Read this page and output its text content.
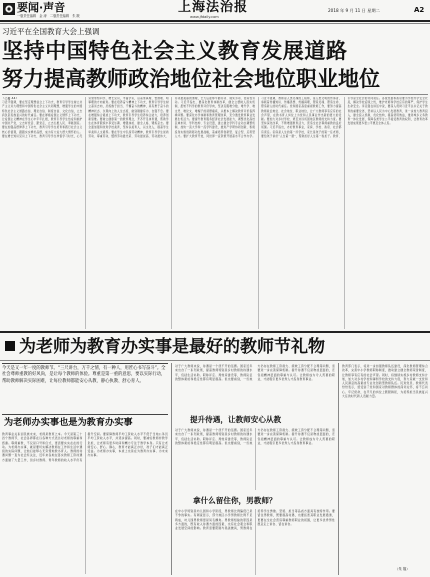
要闻·声音
一版责任编辑　金 涛　二版责任编辑　朱 戡
上海法治报
www.jfdaily.com
2018 年 9 月 11 日 星期二	A2
习近平在全国教育大会上强调
坚持中国特色社会主义教育发展道路
努力提高教师政治地位社会地位职业地位

（上接 A1）

习近平强调，要在坚定理想信念上下功夫，教育引导学生树立共产主义远大理想和中国特色社会主义共同理想，增强学生的中国特色社会主义道路自信、理论自信、制度自信、文化自信，立志肩负起民族复兴的时代重任。要在厚植爱国主义情怀上下功夫，让爱国主义精神在学生心中牢牢扎根，教育引导学生热爱和拥护中国共产党，立志听党话、跟党走，立志扎根人民、奉献国家。要在加强品德修养上下功夫，教育引导学生培育和践行社会主义核心价值观，踏踏实实修好品德，成为有大爱大德大情怀的人。要在增长知识见识上下功夫，教育引导学生珍惜学习时光，心无旁骛求知问学，增长见识，丰富学识，沿着求真理、悟道理、明事理的方向前进。要在培养奋斗精神上下功夫，教育引导学生树立高远志向，历练敢于担当、不懈奋斗的精神，具有勇于奋斗的精神状态、乐观向上的人生态度，做到刚健有为、自强不息。要在增强综合素质上下功夫，教育引导学生培养综合能力，培养创新思维。要树立健康第一的教育理念，开齐开足体育课，帮助学生在体育锻炼中享受乐趣、增强体质、健全人格、锤炼意志。要全面加强和改进学校美育，坚持以美育人、以文化人，提高学生审美和人文素养。要在学生中弘扬劳动精神，教育引导学生崇尚劳动、尊重劳动，懂得劳动最光荣、劳动最崇高、劳动最伟大、劳动最美丽的道理，长大后能够辛勤劳动、诚实劳动、创造性劳动。习近平指出，要深化教育体制改革，健全立德树人落实机制，扭转不科学的教育评价导向，坚决克服唯分数、唯升学、唯文凭、唯论文、唯帽子的顽瘴痼疾，从根本上解决教育评价指挥棒问题。要深化办学体制和教育管理改革，充分激发教育事业发展生机活力。要提升教育服务经济社会发展能力，调整优化高校区域布局、学科结构、专业设置，建立健全学科专业动态调整机制，加快一流大学和一流学科建设，推进产学研协同创新，积极投身实施创新驱动发展战略，着重培养创新型、复合型、应用型人才。要扩大教育开放，同世界一流资源开展高水平合作办学。习近平强调，教师是人类灵魂的工程师，是人类文明的传承者，承载着传播知识、传播思想、传播真理，塑造灵魂、塑造生命、塑造新人的时代重任。党和国家高度重视教师工作，要努力提高教师政治地位、社会地位、职业地位，让广大教师享有应有的社会声望，在教书育人岗位上为党和人民事业作出新的更大的贡献。要加大对乡村学校、艰苦边远贫困地区教师的支持力度。要坚持深化改革，不断增强教育活力，营造全社会尊师重教的良好氛围。习近平指出，办好教育事业，家庭、学校、政府、社会都有责任。家庭是人生的第一所学校，家长是孩子的第一任老师，要给孩子讲好“人生第一课”，帮助扣好人生第一粒扣子。教育、引导是全社会的共同责任。各级党委和政府要为学校办学安全托底，解决学校后顾之忧，维护老师和学校应有的尊严，保护学生生命安全。李克强在讲话中说，要深入贯彻习近平总书记关于教育的重要论述，坚持以人民为中心发展教育，进一步加大教育投入，健全投入机制，优化结构，提高使用效益，推进城乡义务教育一体化发展，保障各类学生公平接受教育的权利，让教育改革发展成果更多更公平惠及全体人民。

为老师为教育办实事是最好的教师节礼物
今天是又一年一度的教师节。“三尺讲台，万千之情，有一种人，用匠心书写奋斗”。全社会尊师重教的好风尚，是让每个教师的体验。尊重是第一重的意思，要以实际行动，帮助教师解决实际困难，让每位教师都能安心从教、静心执教、舒心育人。
为老师办实事也是为教育办实事
教育事业关系到民族未来，老师是教育之本。今天是第三十四个教师节，社会各界都在以各种方式表达对老师的尊重和感谢。尊师重教，不仅是口号和仪式，更需要实实在在的行动。为老师办实事，就是要切实解决教师在工作和生活中遇到的实际问题，让他们能够心无旁骛地教书育人。教师的待遇问题一直为社会所关注，近年来各地在落实教师工资待遇方面做了大量工作，但乡村教师、青年教师的收入水平仍有提升空间。要保障教师平均工资收入水平不低于当地公务员平均工资收入水平，并逐步提高。同时，要减轻教师非教学负担，让老师有更多时间和精力专注于教学本身。只有让老师安心、舒心、静心，教育才能真正办好，孩子们才能真正受益。为老师办实事，本质上也是在为教育办实事、为未来办实事。
对于广大教师来说，待遇是一个绕不开的话题。国家近年来出台了一系列政策，提高教师特别是乡村教师的待遇水平，包括生活补助、职称评定、周转房建设等，教师队伍的整体素质和稳定性都有明显提高。但也要看到，一些地方仍存在教师工资拖欠、绩效工资分配不合理等问题，需要进一步完善保障机制。提升待遇不仅是物质层面的，还包括精神层面的尊重与认可。让教师成为令人羡慕的职业，才能吸引更多优秀人才投身教育事业。
提升待遇，让教师安心从教
对于广大教师来说，待遇是一个绕不开的话题。国家近年来出台了一系列政策，提高教师特别是乡村教师的待遇水平，包括生活补助、职称评定、周转房建设等，教师队伍的整体素质和稳定性都有明显提高。但也要看到，一些地方仍存在教师工资拖欠、绩效工资分配不合理等问题，需要进一步完善保障机制。提升待遇不仅是物质层面的，还包括精神层面的尊重与认可。让教师成为令人羡慕的职业，才能吸引更多优秀人才投身教育事业。
拿什么留住你，男教师？
在中小学特别是幼儿园和小学阶段，男教师比例偏低已是不争的事实。有调查显示，部分地区小学男教师比例不足两成，幼儿园男教师更是凤毛麟角。男教师短缺的原因是多方面的，既有收入待遇方面的因素，也有社会观念和职业发展空间的影响。教育需要阳刚与柔美兼具，男教师在培养学生勇敢、坚毅、担当等品质方面具有独特作用。要留住男教师，既要提高待遇，也要拓宽其职业发展通道，更要在全社会营造尊重教师职业的氛围，让更多优秀男性愿意走上讲台、留在讲台。
教育部门表示，将进一步加强教师队伍建设，深化教师管理综合改革，完善中小学教师职称制度，推动建立健全教师荣誉制度，让教师享有应有的社会声望。同时，将继续实施乡村教师支持计划，加大对乡村学校和薄弱学校的支持力度，努力造就一支党和人民满意的高素质专业化创新型教师队伍。民进党员、教师代表纷纷表示，感受到了党和国家对教师群体的深切关怀，将不忘初心、牢记使命，在平凡的岗位上默默耕耘，为培养担当民族复兴大任的时代新人贡献力量。
（朱 翔）
